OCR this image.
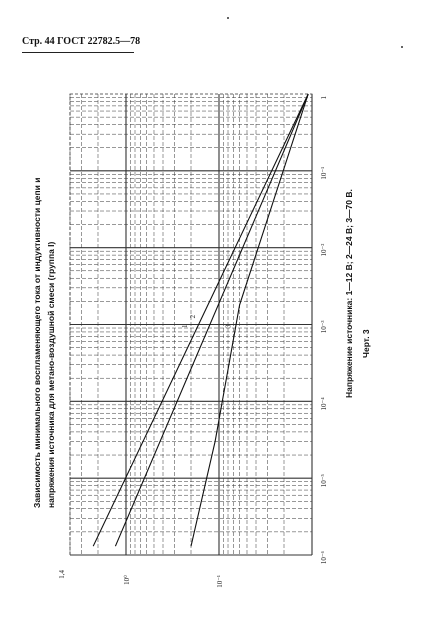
Стр. 44 ГОСТ 22782.5—78
10⁻⁶
10⁻⁵
10⁻⁴
10⁻³
10⁻²
10⁻¹
1
1,4
10⁰	10⁻¹
1
2
3
Зависимость минимального воспламеняющего тока от индуктивности цепи и напряжения источника для метано-воздушной смеси (группа I)	Напряжение источника: 1—12 В; 2—24 В; 3—70 В. Черт. 3
